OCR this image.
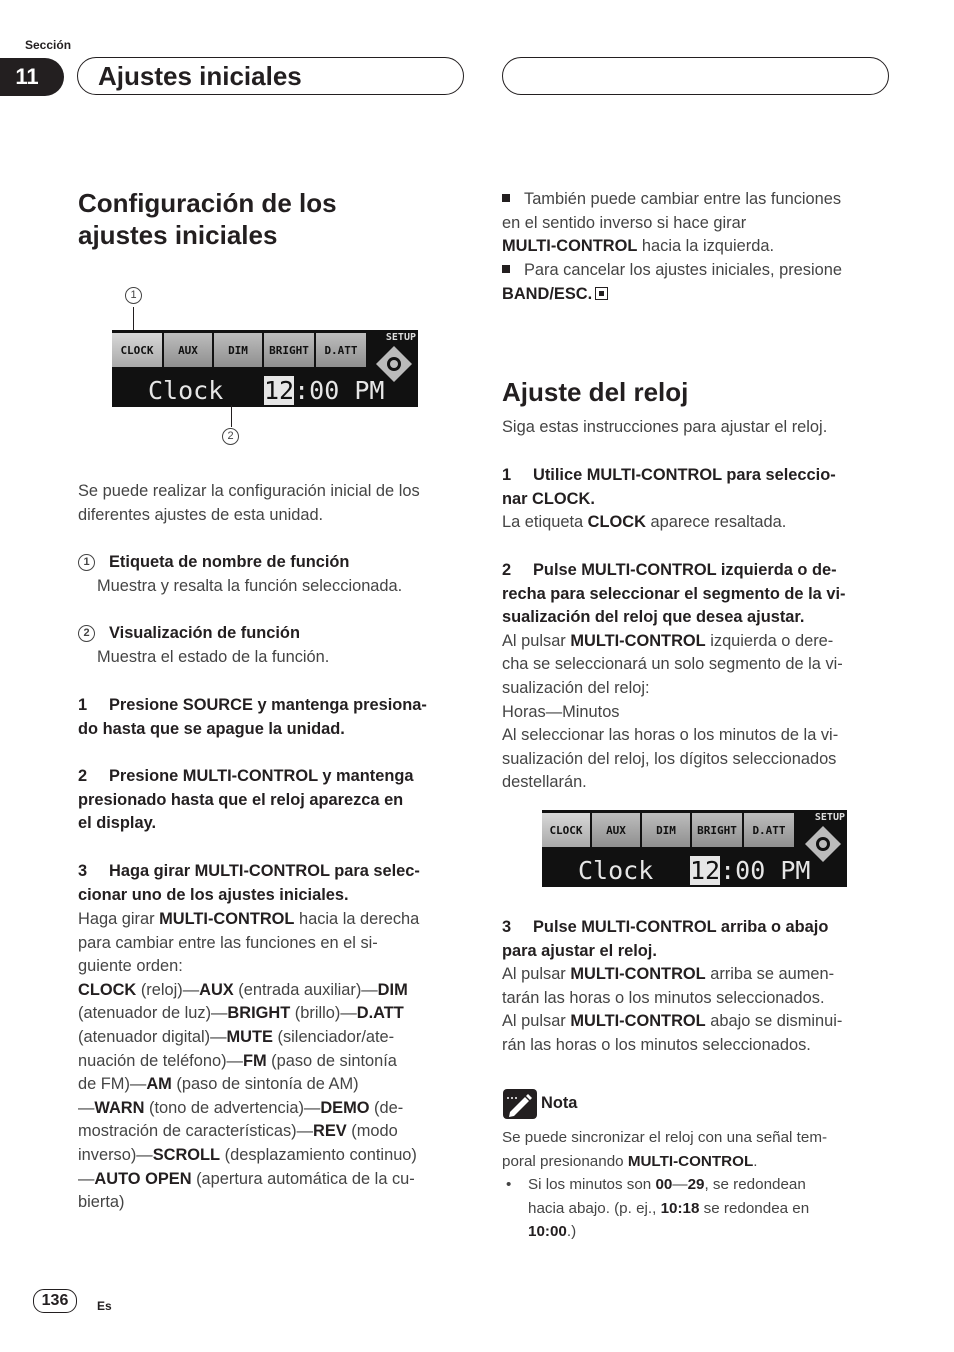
Sección
11	Ajustes iniciales
Configuración de los
ajustes iniciales
1
CLOCK	AUX	DIM	BRIGHT	D.ATT
SETUP
Clock 12:00 PM
2
Se puede realizar la configuración inicial de los diferentes ajustes de esta unidad.
1 Etiqueta de nombre de función
Muestra y resalta la función seleccionada.
2 Visualización de función
Muestra el estado de la función.
1 Presione SOURCE y mantenga presiona-
do hasta que se apague la unidad.
2 Presione MULTI-CONTROL y mantenga
presionado hasta que el reloj aparezca en
el display.
3 Haga girar MULTI-CONTROL para selec-
cionar uno de los ajustes iniciales.
Haga girar MULTI-CONTROL hacia la derecha
para cambiar entre las funciones en el si-
guiente orden:
CLOCK (reloj)—AUX (entrada auxiliar)—DIM
(atenuador de luz)—BRIGHT (brillo)—D.ATT
(atenuador digital)—MUTE (silenciador/ate-
nuación de teléfono)—FM (paso de sintonía
de FM)—AM (paso de sintonía de AM)
—WARN (tono de advertencia)—DEMO (de-
mostración de características)—REV (modo
inverso)—SCROLL (desplazamiento continuo)
—AUTO OPEN (apertura automática de la cu-
bierta)
También puede cambiar entre las funciones
en el sentido inverso si hace girar
MULTI-CONTROL hacia la izquierda.
Para cancelar los ajustes iniciales, presione
BAND/ESC.
Ajuste del reloj
Siga estas instrucciones para ajustar el reloj.
1 Utilice MULTI-CONTROL para seleccio-
nar CLOCK.
La etiqueta CLOCK aparece resaltada.
2 Pulse MULTI-CONTROL izquierda o de-
recha para seleccionar el segmento de la vi-
sualización del reloj que desea ajustar.
Al pulsar MULTI-CONTROL izquierda o dere-
cha se seleccionará un solo segmento de la vi-
sualización del reloj:
Horas—Minutos
Al seleccionar las horas o los minutos de la vi-
sualización del reloj, los dígitos seleccionados
destellarán.
CLOCK	AUX	DIM	BRIGHT	D.ATT
SETUP
Clock 12:00 PM
3 Pulse MULTI-CONTROL arriba o abajo
para ajustar el reloj.
Al pulsar MULTI-CONTROL arriba se aumen-
tarán las horas o los minutos seleccionados.
Al pulsar MULTI-CONTROL abajo se disminui-
rán las horas o los minutos seleccionados.
Nota
Se puede sincronizar el reloj con una señal tem-
poral presionando MULTI-CONTROL.
• Si los minutos son 00—29, se redondean
hacia abajo. (p. ej., 10:18 se redondea en
10:00.)
136	Es
